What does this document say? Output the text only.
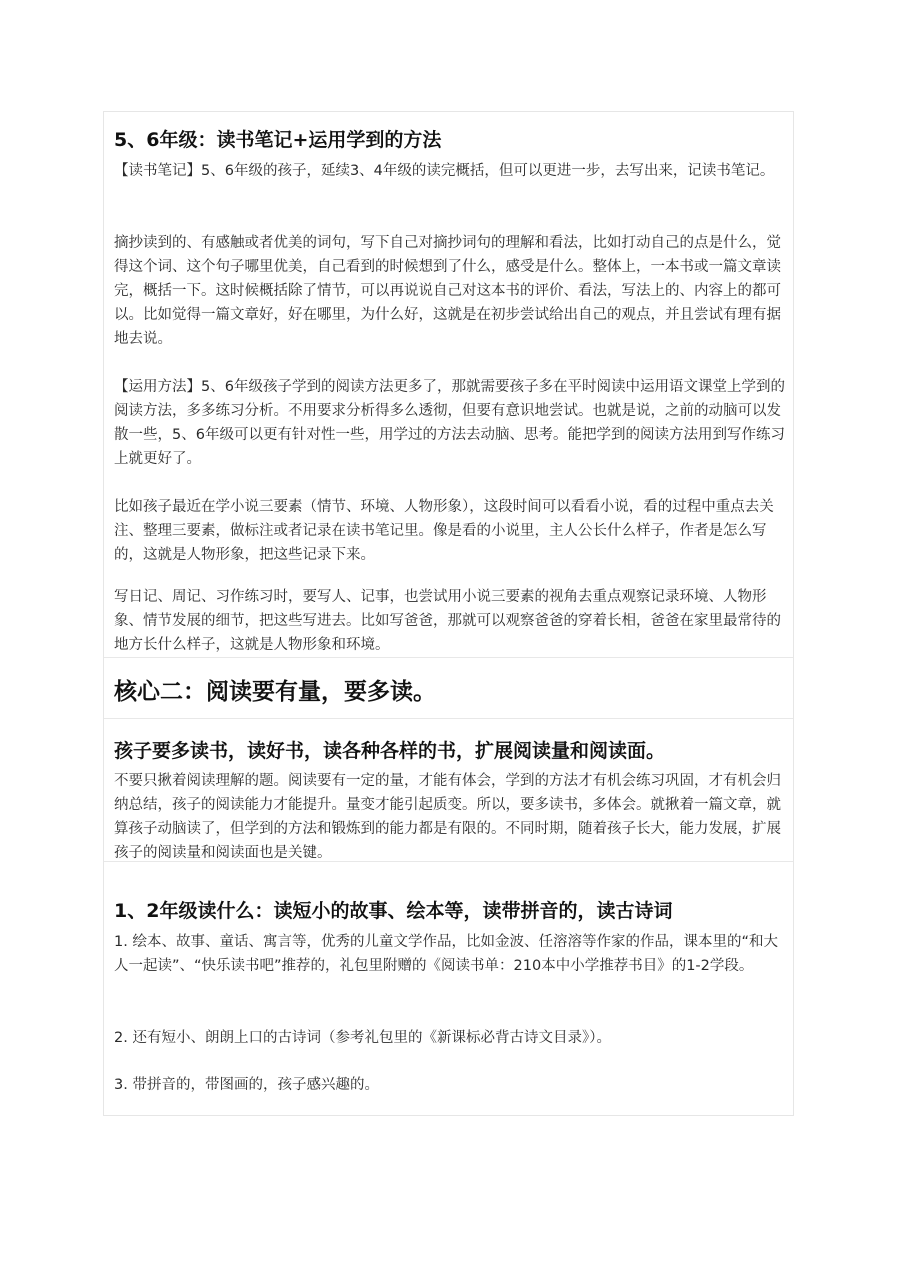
5、6年级：读书笔记+运用学到的方法

【读书笔记】5、6年级的孩子，延续3、4年级的读完概括，但可以更进一步，去写出来，记读书笔记。

摘抄读到的、有感触或者优美的词句，写下自己对摘抄词句的理解和看法，比如打动自己的点是什么，觉得这个词、这个句子哪里优美，自己看到的时候想到了什么，感受是什么。整体上，一本书或一篇文章读完，概括一下。这时候概括除了情节，可以再说说自己对这本书的评价、看法，写法上的、内容上的都可以。比如觉得一篇文章好，好在哪里，为什么好，这就是在初步尝试给出自己的观点，并且尝试有理有据地去说。

【运用方法】5、6年级孩子学到的阅读方法更多了，那就需要孩子多在平时阅读中运用语文课堂上学到的阅读方法，多多练习分析。不用要求分析得多么透彻，但要有意识地尝试。也就是说，之前的动脑可以发散一些，5、6年级可以更有针对性一些，用学过的方法去动脑、思考。能把学到的阅读方法用到写作练习上就更好了。

比如孩子最近在学小说三要素（情节、环境、人物形象），这段时间可以看看小说，看的过程中重点去关注、整理三要素，做标注或者记录在读书笔记里。像是看的小说里，主人公长什么样子，作者是怎么写的，这就是人物形象，把这些记录下来。

写日记、周记、习作练习时，要写人、记事，也尝试用小说三要素的视角去重点观察记录环境、人物形象、情节发展的细节，把这些写进去。比如写爸爸，那就可以观察爸爸的穿着长相，爸爸在家里最常待的地方长什么样子，这就是人物形象和环境。

核心二：阅读要有量，要多读。
孩子要多读书，读好书，读各种各样的书，扩展阅读量和阅读面。

不要只揪着阅读理解的题。阅读要有一定的量，才能有体会，学到的方法才有机会练习巩固，才有机会归纳总结，孩子的阅读能力才能提升。量变才能引起质变。所以，要多读书，多体会。就揪着一篇文章，就算孩子动脑读了，但学到的方法和锻炼到的能力都是有限的。不同时期，随着孩子长大，能力发展，扩展孩子的阅读量和阅读面也是关键。

1、2年级读什么：读短小的故事、绘本等，读带拼音的，读古诗词

1. 绘本、故事、童话、寓言等，优秀的儿童文学作品，比如金波、任溶溶等作家的作品，课本里的“和大人一起读”、“快乐读书吧”推荐的，礼包里附赠的《阅读书单：210本中小学推荐书目》的1-2学段。

2. 还有短小、朗朗上口的古诗词（参考礼包里的《新课标必背古诗文目录》）。

3. 带拼音的，带图画的，孩子感兴趣的。
